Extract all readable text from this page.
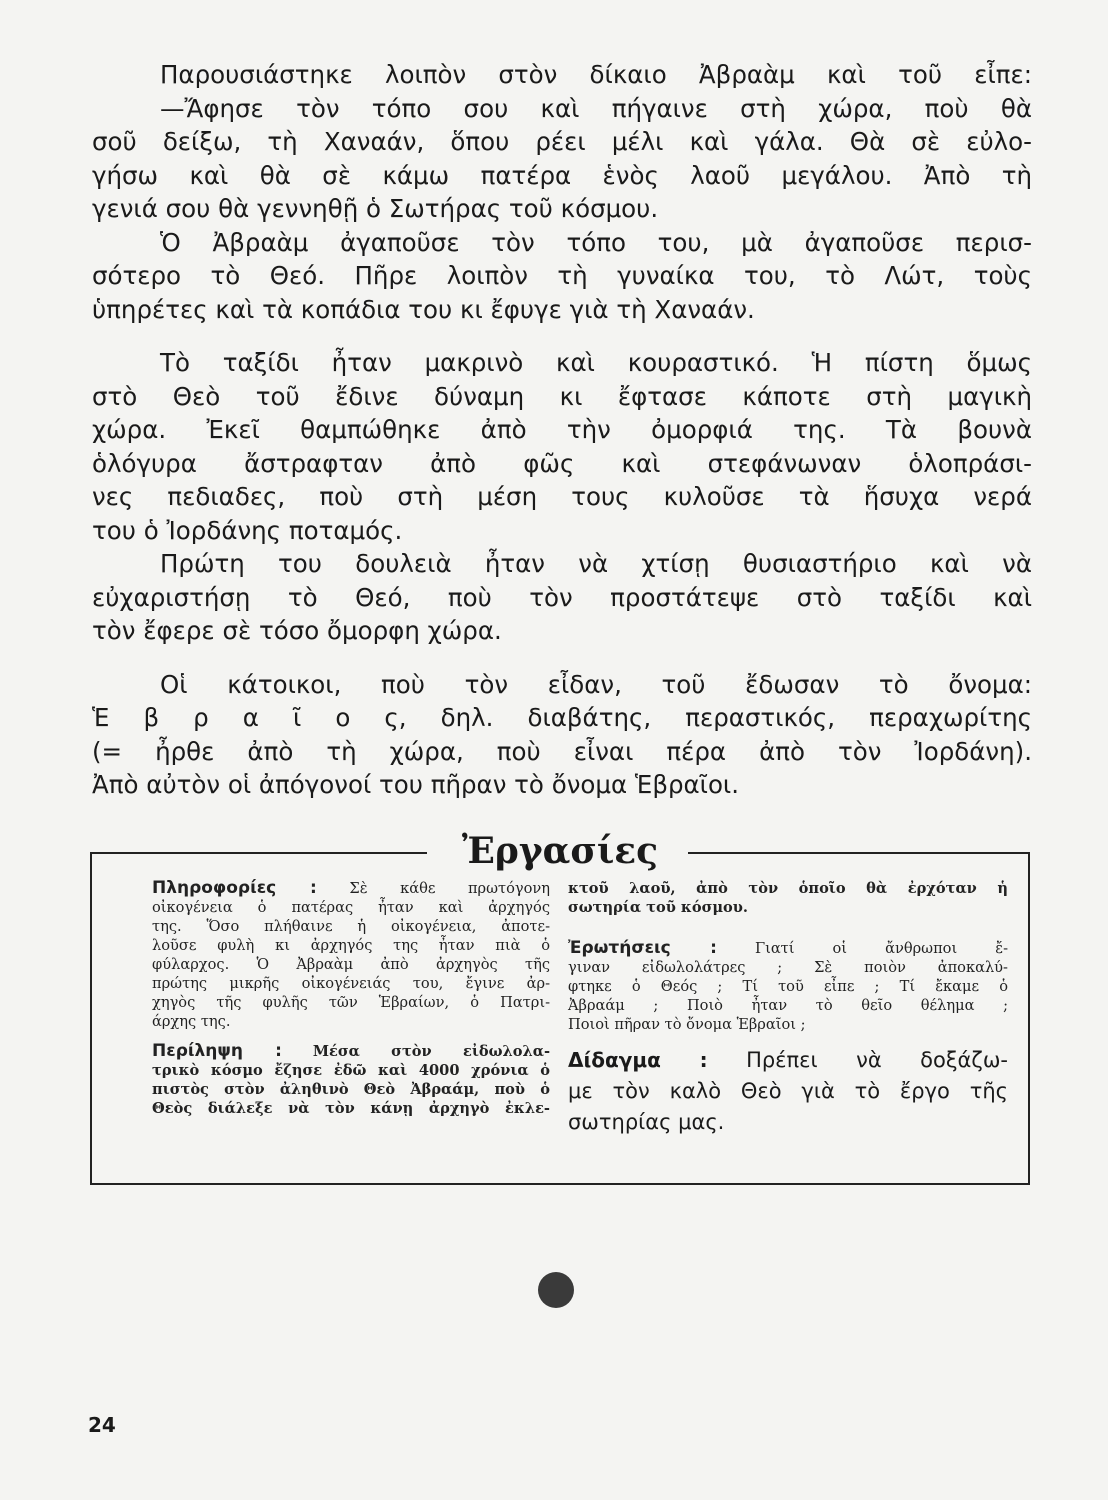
Παρουσιάστηκε λοιπὸν στὸν δίκαιο Ἀβραὰμ καὶ τοῦ εἶπε:
—Ἄφησε τὸν τόπο σου καὶ πήγαινε στὴ χώρα, ποὺ θὰ
σοῦ δείξω, τὴ Χαναάν, ὅπου ρέει μέλι καὶ γάλα. Θὰ σὲ εὐλο-
γήσω καὶ θὰ σὲ κάμω πατέρα ἑνὸς λαοῦ μεγάλου. Ἀπὸ τὴ
γενιά σου θὰ γεννηθῇ ὁ Σωτήρας τοῦ κόσμου.
Ὁ Ἀβραὰμ ἀγαποῦσε τὸν τόπο του, μὰ ἀγαποῦσε περισ-
σότερο τὸ Θεό. Πῆρε λοιπὸν τὴ γυναίκα του, τὸ Λώτ, τοὺς
ὑπηρέτες καὶ τὰ κοπάδια του κι ἔφυγε γιὰ τὴ Χαναάν.
Τὸ ταξίδι ἦταν μακρινὸ καὶ κουραστικό. Ἡ πίστη ὅμως
στὸ Θεὸ τοῦ ἔδινε δύναμη κι ἔφτασε κάποτε στὴ μαγικὴ
χώρα. Ἐκεῖ θαμπώθηκε ἀπὸ τὴν ὀμορφιά της. Τὰ βουνὰ
ὁλόγυρα ἄστραφταν ἀπὸ φῶς καὶ στεφάνωναν ὁλοπράσι-
νες πεδιαδες, ποὺ στὴ μέση τους κυλοῦσε τὰ ἥσυχα νερά
του ὁ Ἰορδάνης ποταμός.
Πρώτη του δουλειὰ ἦταν νὰ χτίσῃ θυσιαστήριο καὶ νὰ
εὐχαριστήσῃ τὸ Θεό, ποὺ τὸν προστάτεψε στὸ ταξίδι καὶ
τὸν ἔφερε σὲ τόσο ὄμορφη χώρα.
Οἱ κάτοικοι, ποὺ τὸν εἶδαν, τοῦ ἔδωσαν τὸ ὄνομα:
Ἑ β ρ α ῖ ο ς, δηλ. διαβάτης, περαστικός, περαχωρίτης
(= ἦρθε ἀπὸ τὴ χώρα, ποὺ εἶναι πέρα ἀπὸ τὸν Ἰορδάνη).
Ἀπὸ αὐτὸν οἱ ἀπόγονοί του πῆραν τὸ ὄνομα Ἑβραῖοι.
Ἐργασίες
Πληροφορίες : Σὲ κάθε πρωτόγονη
οἰκογένεια ὁ πατέρας ἦταν καὶ ἀρχηγός
της. Ὅσο πλήθαινε ἡ οἰκογένεια, ἀποτε-
λοῦσε φυλὴ κι ἀρχηγός της ἦταν πιὰ ὁ
φύλαρχος. Ὁ Ἀβραὰμ ἀπὸ ἀρχηγὸς τῆς
πρώτης μικρῆς οἰκογένειάς του, ἔγινε ἀρ-
χηγὸς τῆς φυλῆς τῶν Ἑβραίων, ὁ Πατρι-
άρχης της.
Περίληψη : Μέσα στὸν εἰδωλολα-
τρικὸ κόσμο ἔζησε ἐδῶ καὶ 4000 χρόνια ὁ
πιστὸς στὸν ἀληθινὸ Θεὸ Ἀβραάμ, ποὺ ὁ
Θεὸς διάλεξε νὰ τὸν κάνῃ ἀρχηγὸ ἐκλε-
κτοῦ λαοῦ, ἀπὸ τὸν ὁποῖο θὰ ἐρχόταν ἡ
σωτηρία τοῦ κόσμου.
Ἐρωτήσεις :	Γιατί οἱ ἄνθρωποι ἔ-
γιναν εἰδωλολάτρες ; Σὲ ποιὸν ἀποκαλύ-
φτηκε ὁ Θεός ; Τί τοῦ εἶπε ; Τί ἔκαμε ὁ
Ἀβραάμ ; Ποιὸ ἦταν τὸ θεῖο θέλημα ;
Ποιοὶ πῆραν τὸ ὄνομα Ἑβραῖοι ;
Δίδαγμα : Πρέπει νὰ δοξάζω-
με τὸν καλὸ Θεὸ γιὰ τὸ ἔργο τῆς
σωτηρίας μας.
24
